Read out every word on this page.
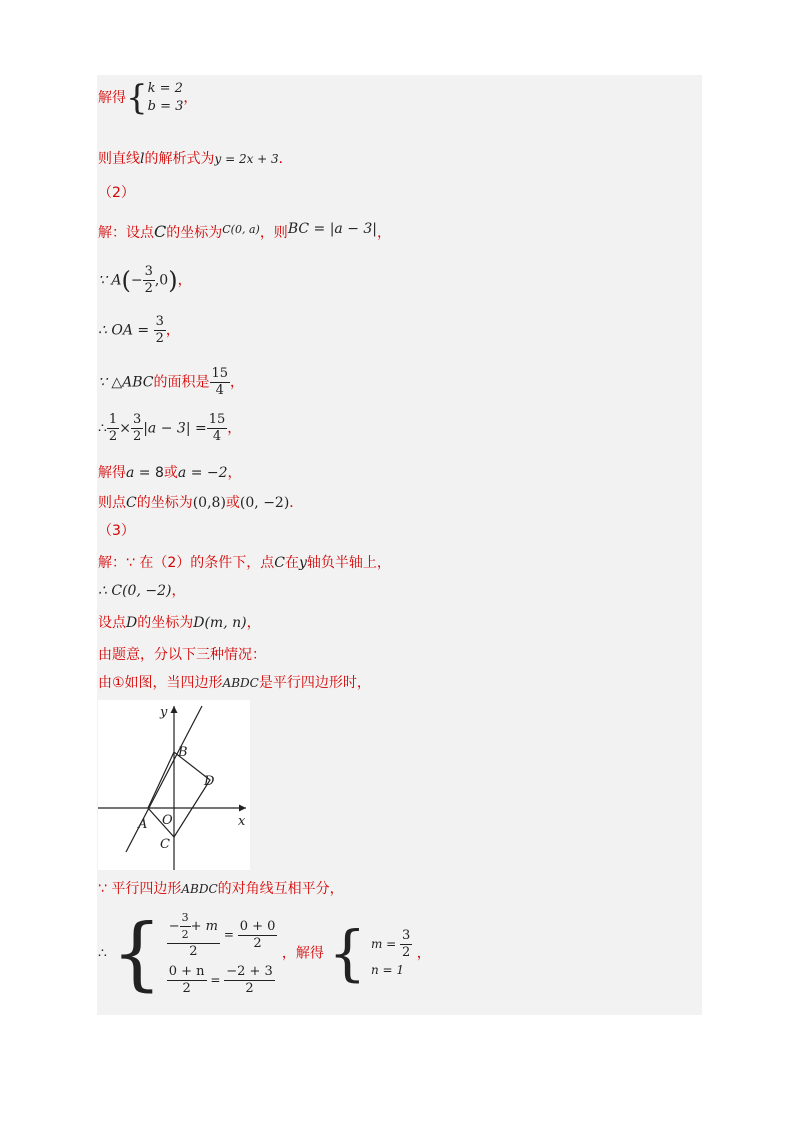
解得{ k = 2
b = 3
，
则直线l的解析式为y = 2x + 3．
（2）
解：设点C的坐标为$^{C(0, a)}$，则BC = |a − 3|，
∵ $A(- \frac{3}{2} ,0)$，
∴ OA = $\frac{3}{2}$ ，
∵ △ABC的面积是 $\frac{15}{4}$ ，
∴ $\frac{1}{2} \times \frac{3}{2} |a - 3| = \frac{15}{4}$ ，
解得a = 8或a = −2，
则点C的坐标为(0,8)或(0, −2)．
（3）
解：∵ 在（2）的条件下，点C在y轴负半轴上，
∴ C(0, −2)，
设点D的坐标为D(m, n)，
由题意，分以下三种情况：
由①如图，当四边形ABDC是平行四边形时，
y
x
B
D
A O
C
∵ 平行四边形ABDC的对角线互相平分，
∴ { $\frac{- \frac{3}{2} + m}{2} = \frac{0 + 0}{2}$
$\frac{0 + n}{2} = \frac{-2 + 3}{2}$
，解得 { $m = \frac{3}{2}$
n = 1
，
